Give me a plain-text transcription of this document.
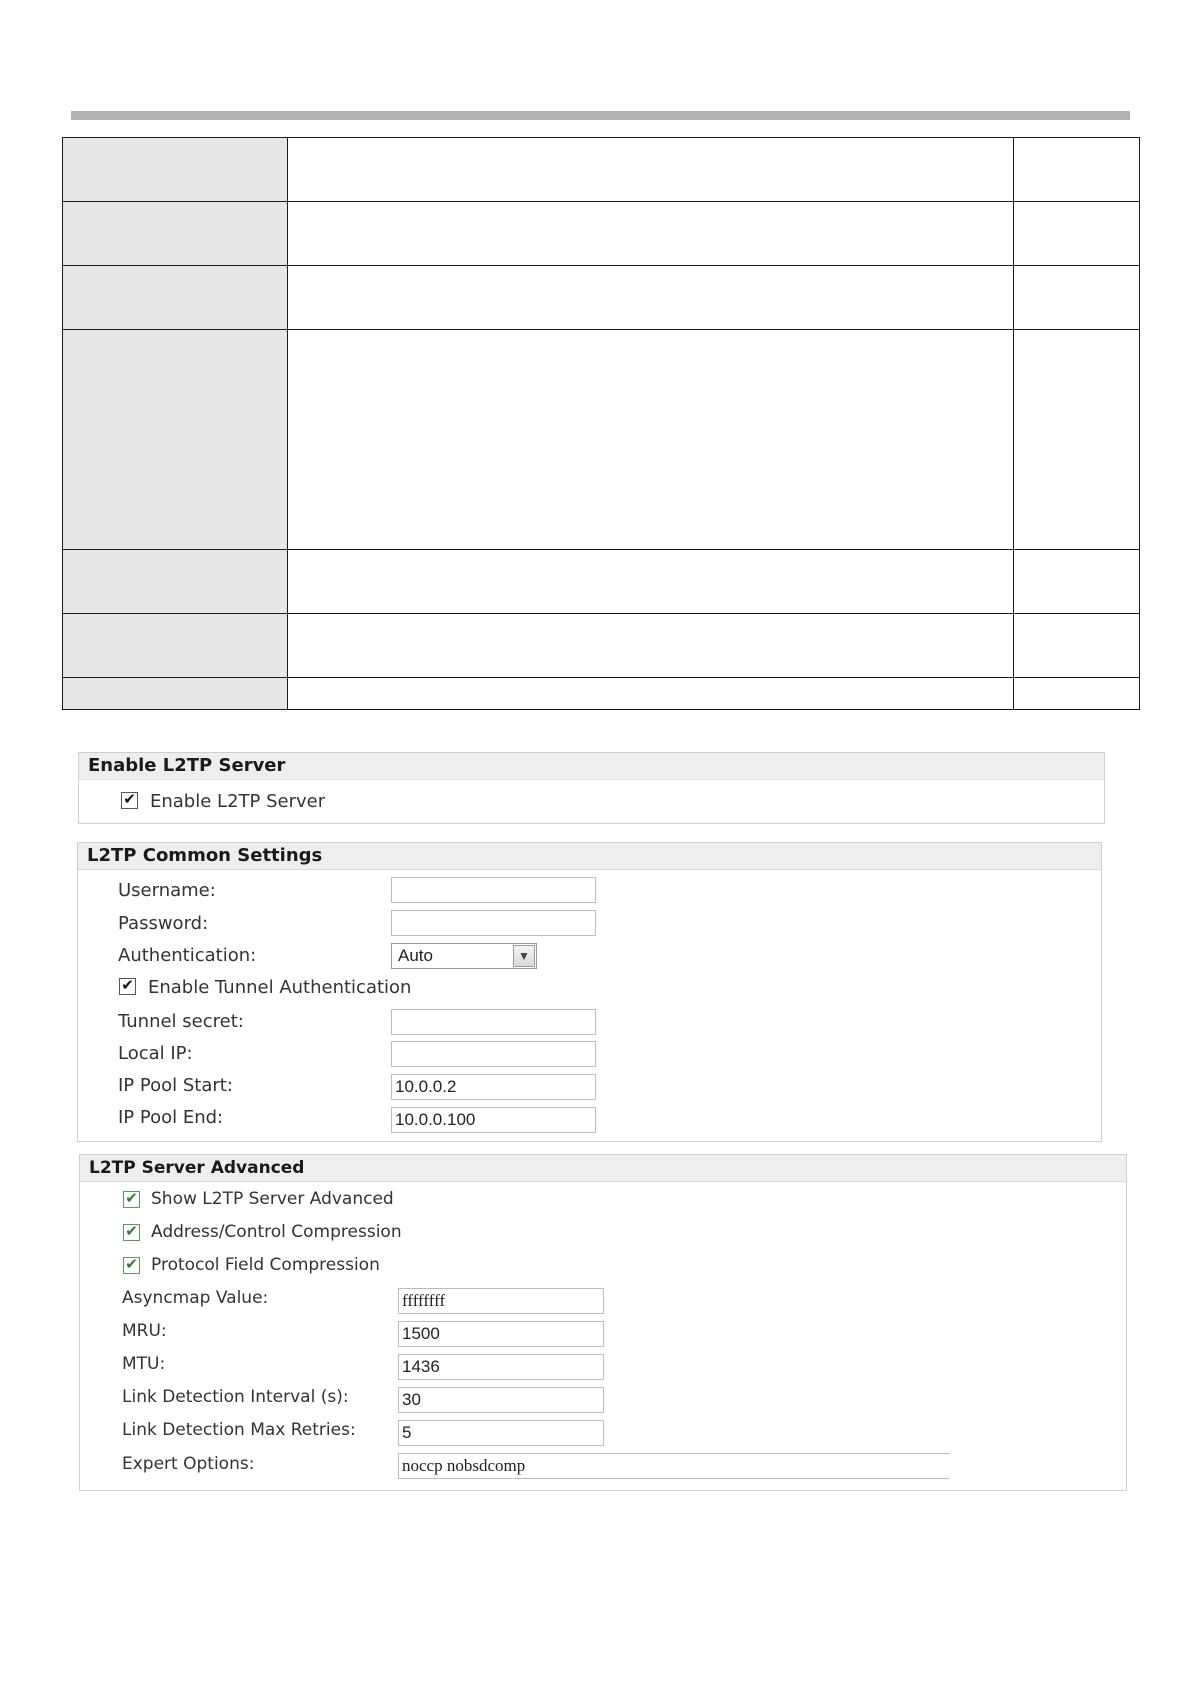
Enable L2TP Server
✔ Enable L2TP Server
L2TP Common Settings
Username:
Password:
Authentication:	Auto	▼
✔ Enable Tunnel Authentication
Tunnel secret:
Local IP:
IP Pool Start:	10.0.0.2
IP Pool End:	10.0.0.100
L2TP Server Advanced
✔ Show L2TP Server Advanced
✔ Address/Control Compression
✔ Protocol Field Compression
Asyncmap Value:	ffffffff
MRU:	1500
MTU:	1436
Link Detection Interval (s):	30
Link Detection Max Retries:	5
Expert Options:	noccp nobsdcomp
